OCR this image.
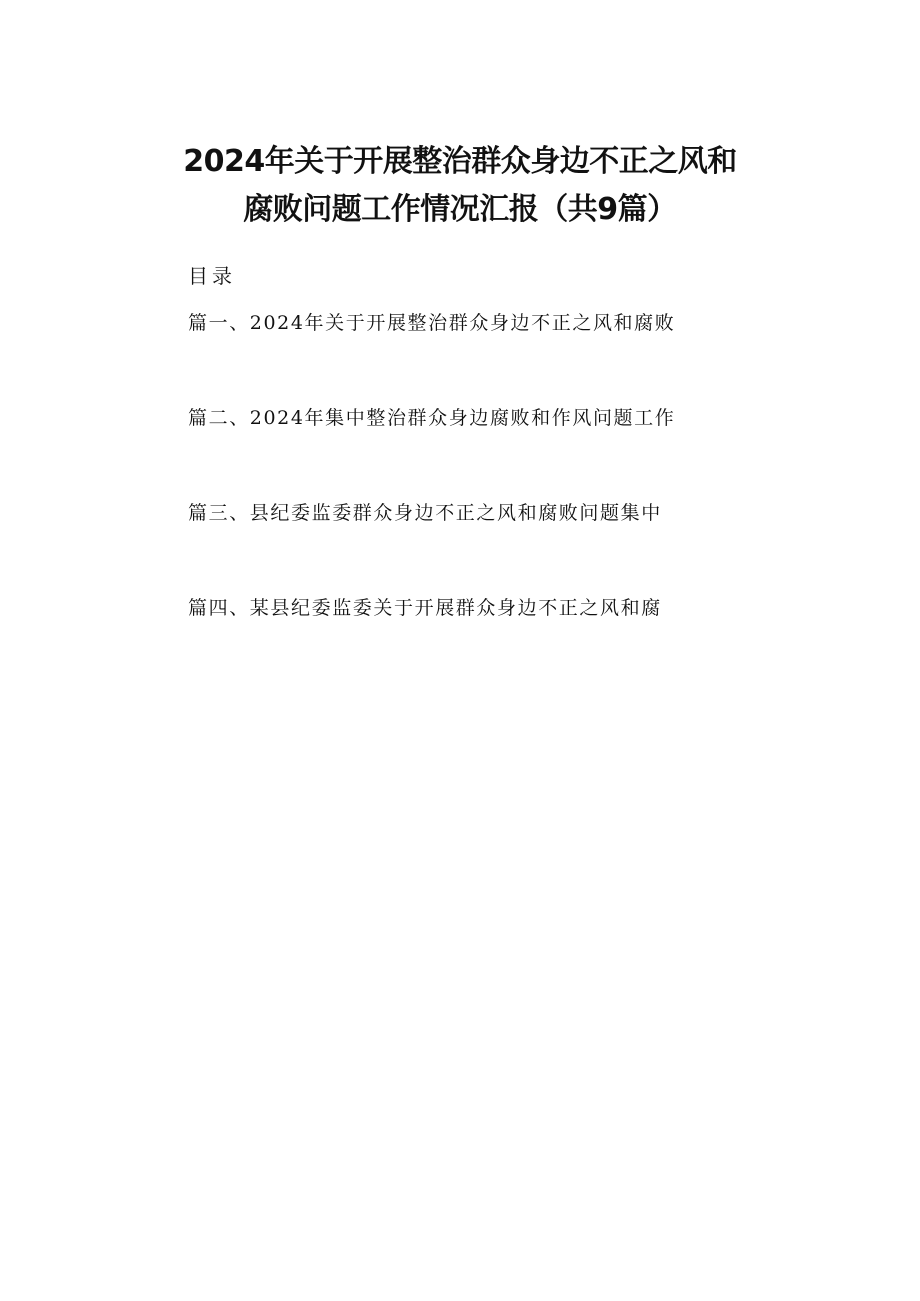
2024年关于开展整治群众身边不正之风和
腐败问题工作情况汇报（共9篇）
目录
篇一、2024年关于开展整治群众身边不正之风和腐败
篇二、2024年集中整治群众身边腐败和作风问题工作
篇三、县纪委监委群众身边不正之风和腐败问题集中
篇四、某县纪委监委关于开展群众身边不正之风和腐
